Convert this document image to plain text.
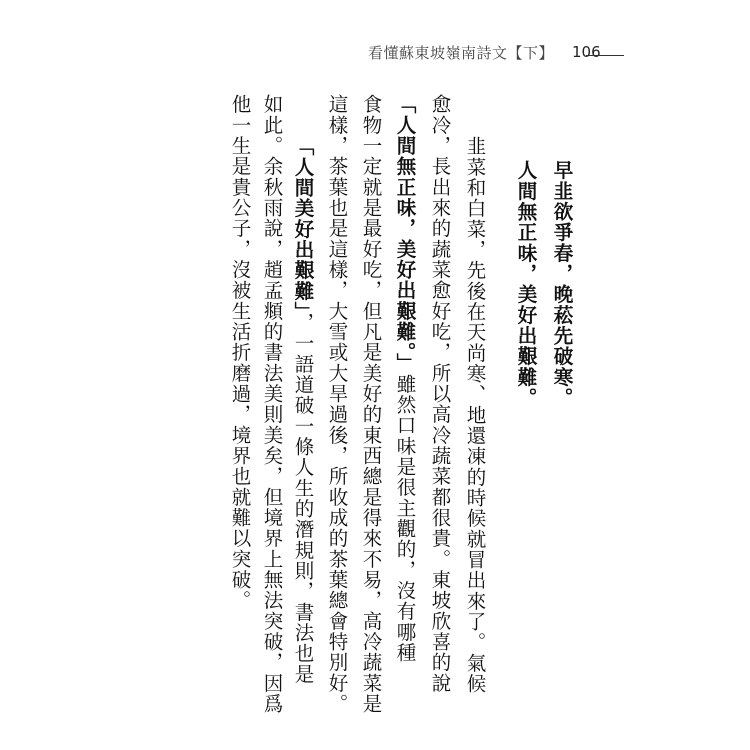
看懂蘇東坡嶺南詩文【下】 106
早韭欲爭春，晚菘先破寒。
人間無正味，美好出艱難。
韭菜和白菜，先後在天尚寒、地還凍的時候就冒出來了。氣候
愈冷，長出來的蔬菜愈好吃，所以高冷蔬菜都很貴。東坡欣喜的說
「人間無正味，美好出艱難。」雖然口味是很主觀的，沒有哪種
食物一定就是最好吃，但凡是美好的東西總是得來不易，高冷蔬菜是
這樣，茶葉也是這樣，大雪或大旱過後，所收成的茶葉總會特別好。
「人間美好出艱難」，一語道破一條人生的潛規則，書法也是
如此。余秋雨說，趙孟頫的書法美則美矣，但境界上無法突破，因爲
他一生是貴公子，沒被生活折磨過，境界也就難以突破。
